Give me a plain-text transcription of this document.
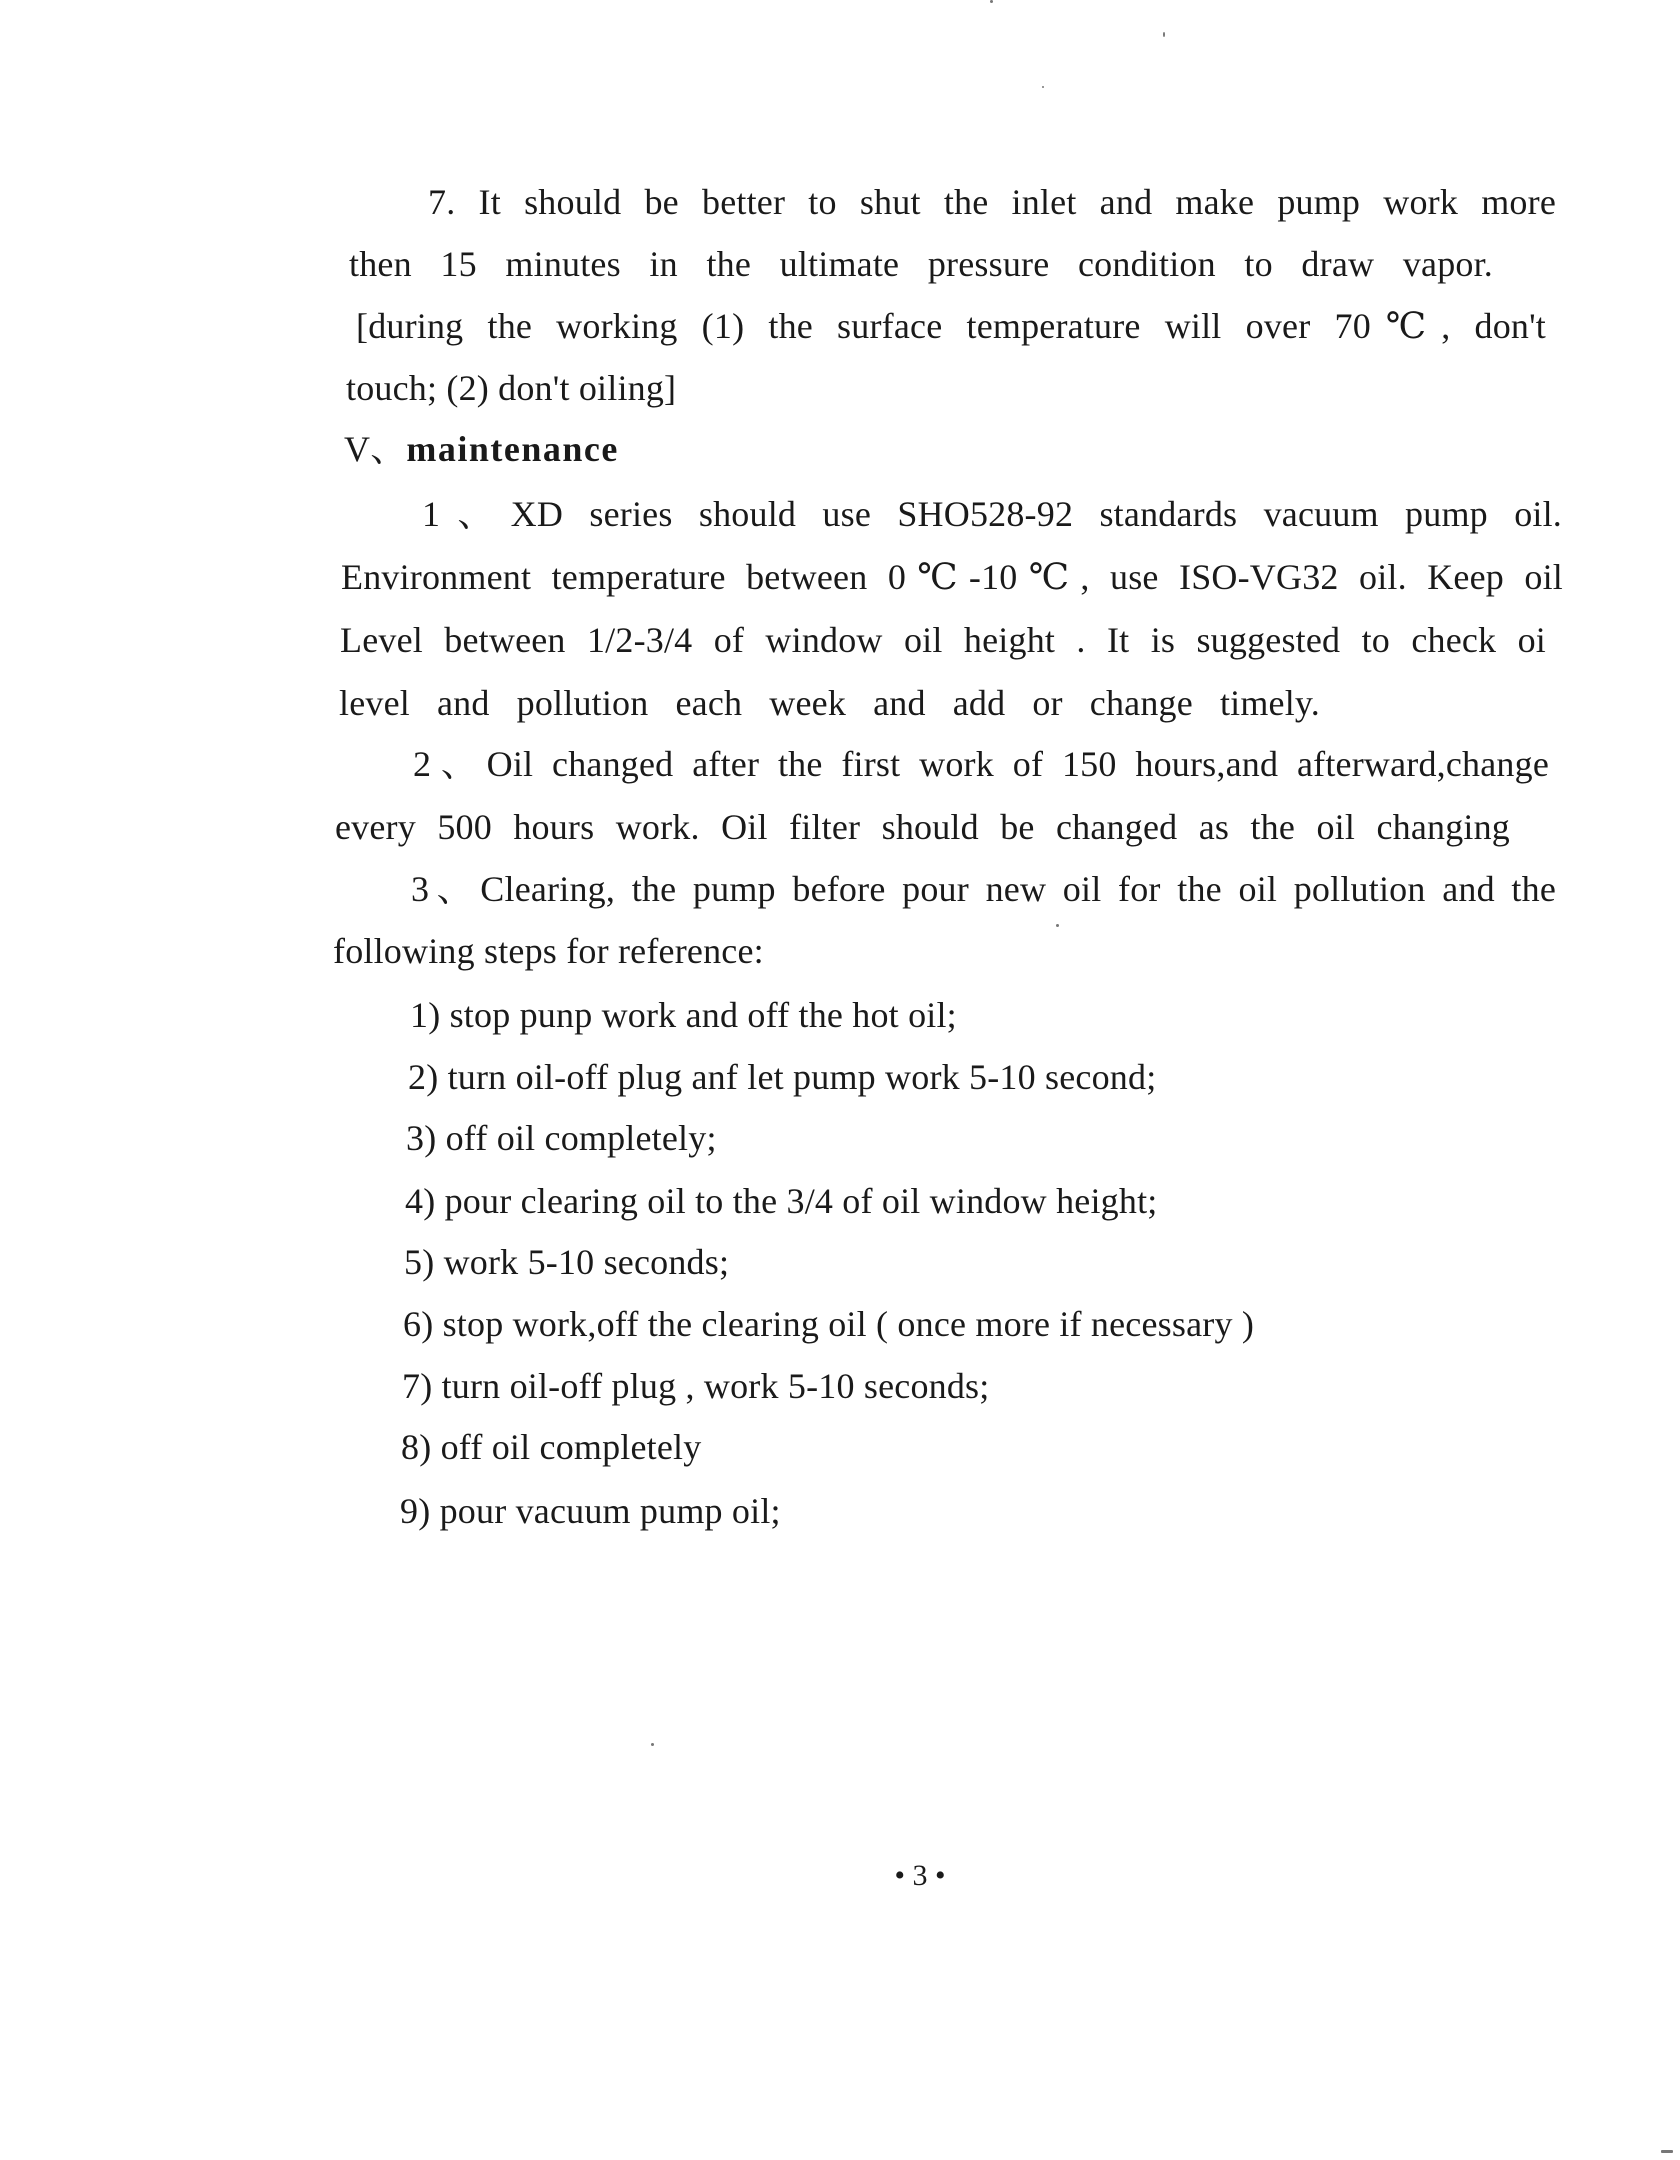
7. It should be better to shut the inlet and make pump work more
then 15 minutes in the ultimate pressure condition to draw vapor.
[during the working (1) the surface temperature will over 70℃, don't
touch; (2) don't oiling]
V、maintenance
1、XD series should use SHO528-92 standards vacuum pump oil.
Environment temperature between 0℃-10℃, use ISO-VG32 oil. Keep oil
Level between 1/2-3/4 of window oil height . It is suggested to check oi
level and pollution each week and add or change timely.
2、Oil changed after the first work of 150 hours,and afterward,change
every 500 hours work. Oil filter should be changed as the oil changing
3、Clearing, the pump before pour new oil for the oil pollution and the
following steps for reference:
1) stop punp work and off the hot oil;
2) turn oil-off plug anf let pump work 5-10 second;
3) off oil completely;
4) pour clearing oil to the 3/4 of oil window height;
5) work 5-10 seconds;
6) stop work,off the clearing oil ( once more if necessary )
7) turn oil-off plug , work 5-10 seconds;
8) off oil completely
9) pour vacuum pump oil;
• 3 •
